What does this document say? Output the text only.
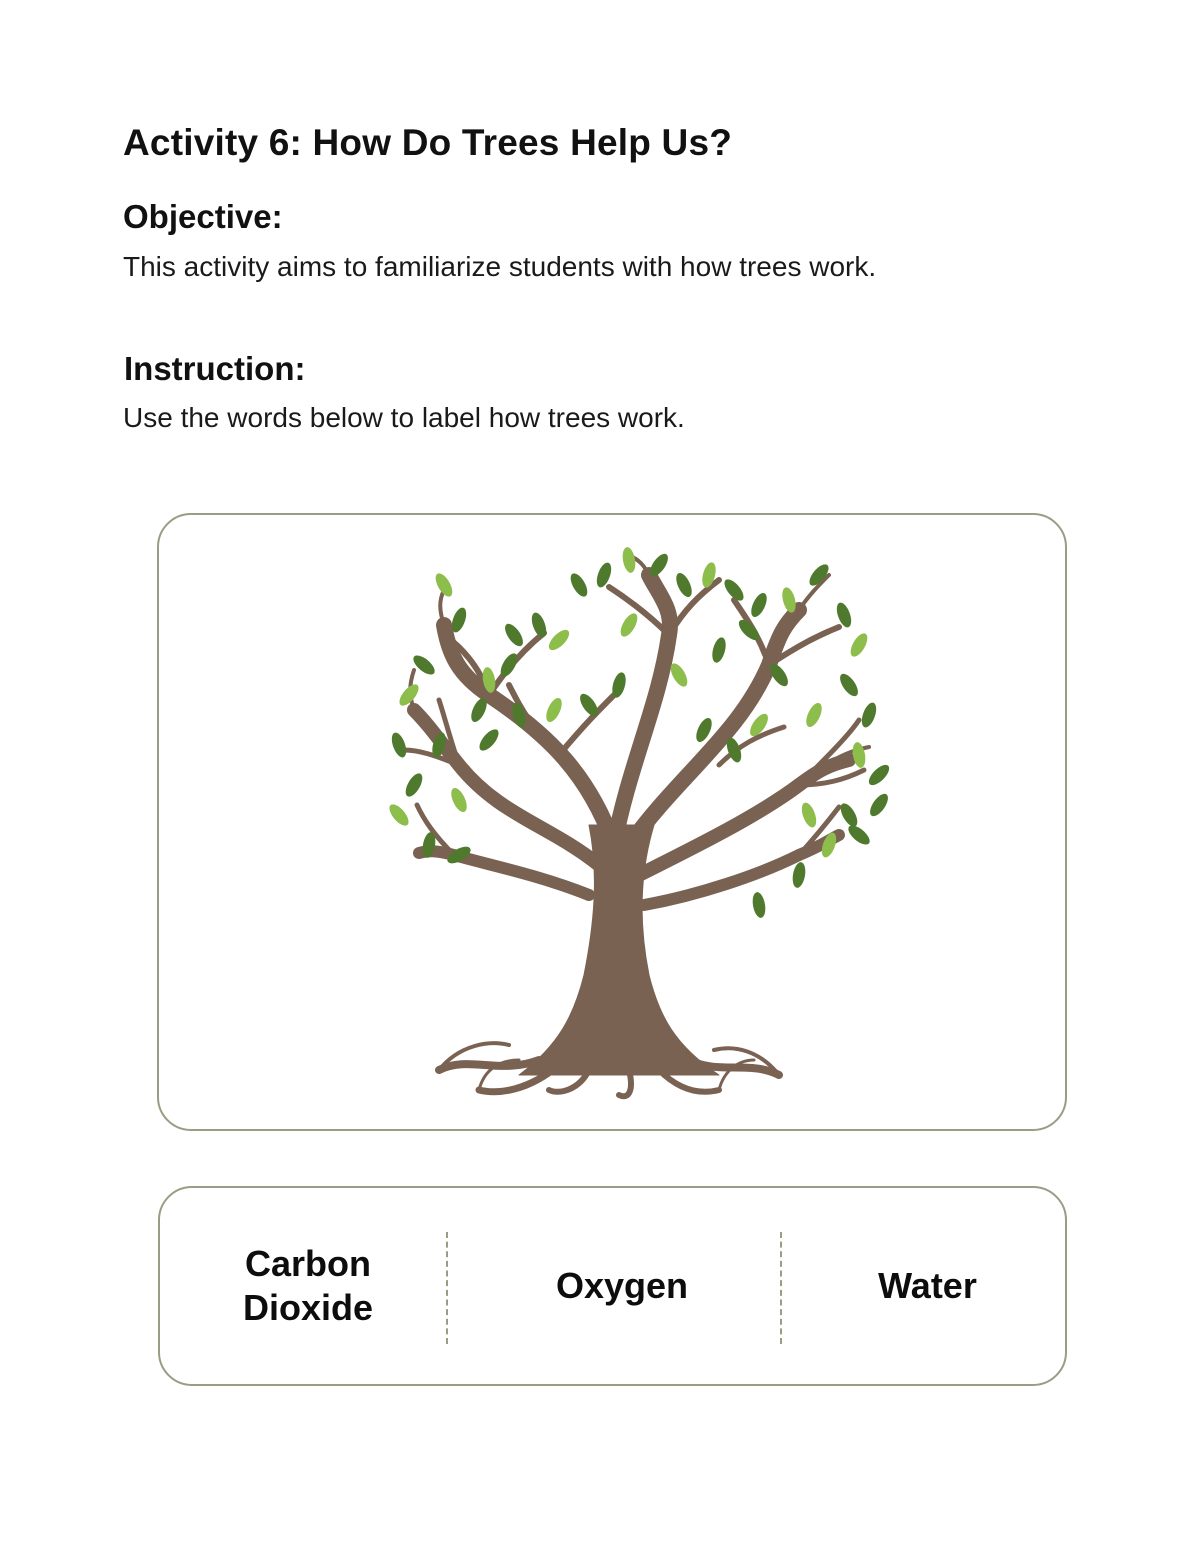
Activity 6: How Do Trees Help Us?
Objective:

This activity aims to familiarize students with how trees work.

Instruction:

Use the words below to label how trees work.

Carbon
Dioxide
Oxygen	Water
